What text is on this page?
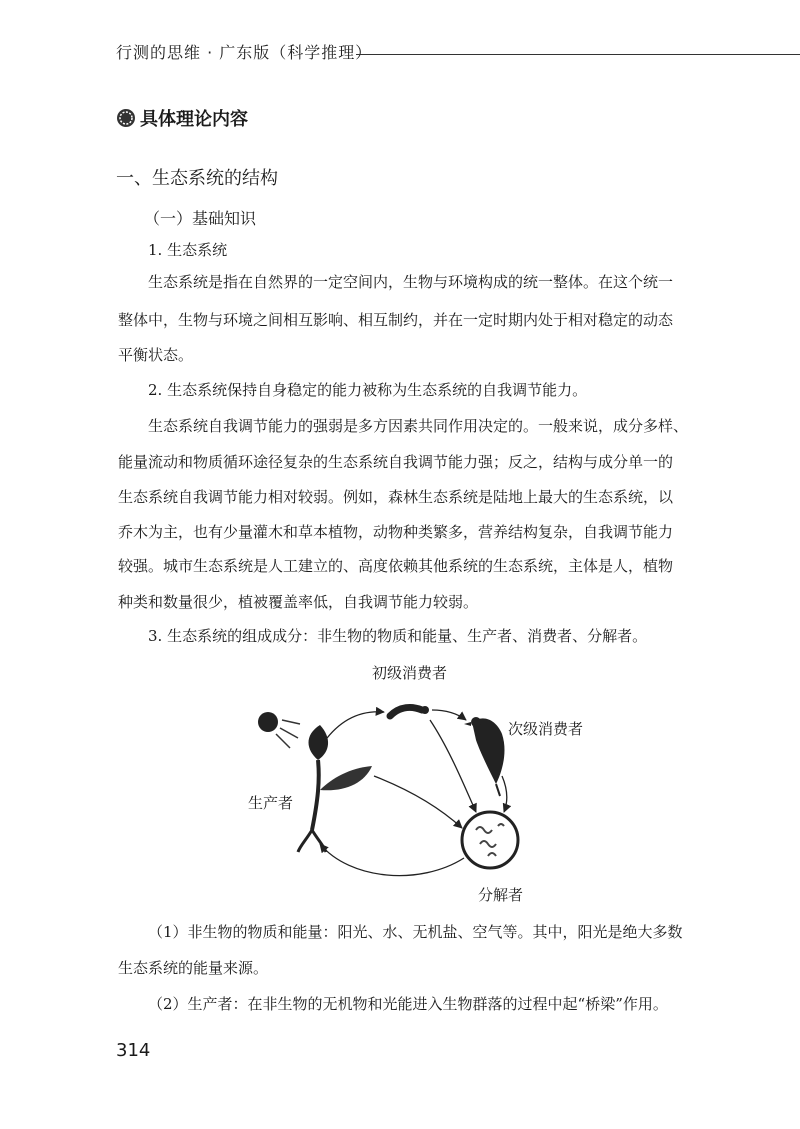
行测的思维 · 广东版（科学推理）
具体理论内容
一、生态系统的结构
（一）基础知识
1. 生态系统
生态系统是指在自然界的一定空间内，生物与环境构成的统一整体。在这个统一
整体中，生物与环境之间相互影响、相互制约，并在一定时期内处于相对稳定的动态
平衡状态。
2. 生态系统保持自身稳定的能力被称为生态系统的自我调节能力。
生态系统自我调节能力的强弱是多方因素共同作用决定的。一般来说，成分多样、
能量流动和物质循环途径复杂的生态系统自我调节能力强；反之，结构与成分单一的
生态系统自我调节能力相对较弱。例如，森林生态系统是陆地上最大的生态系统，以
乔木为主，也有少量灌木和草本植物，动物种类繁多，营养结构复杂，自我调节能力
较强。城市生态系统是人工建立的、高度依赖其他系统的生态系统，主体是人，植物
种类和数量很少，植被覆盖率低，自我调节能力较弱。
3. 生态系统的组成成分：非生物的物质和能量、生产者、消费者、分解者。
初级消费者
次级消费者
生产者
分解者
（1）非生物的物质和能量：阳光、水、无机盐、空气等。其中，阳光是绝大多数
生态系统的能量来源。
（2）生产者：在非生物的无机物和光能进入生物群落的过程中起“桥梁”作用。
314
